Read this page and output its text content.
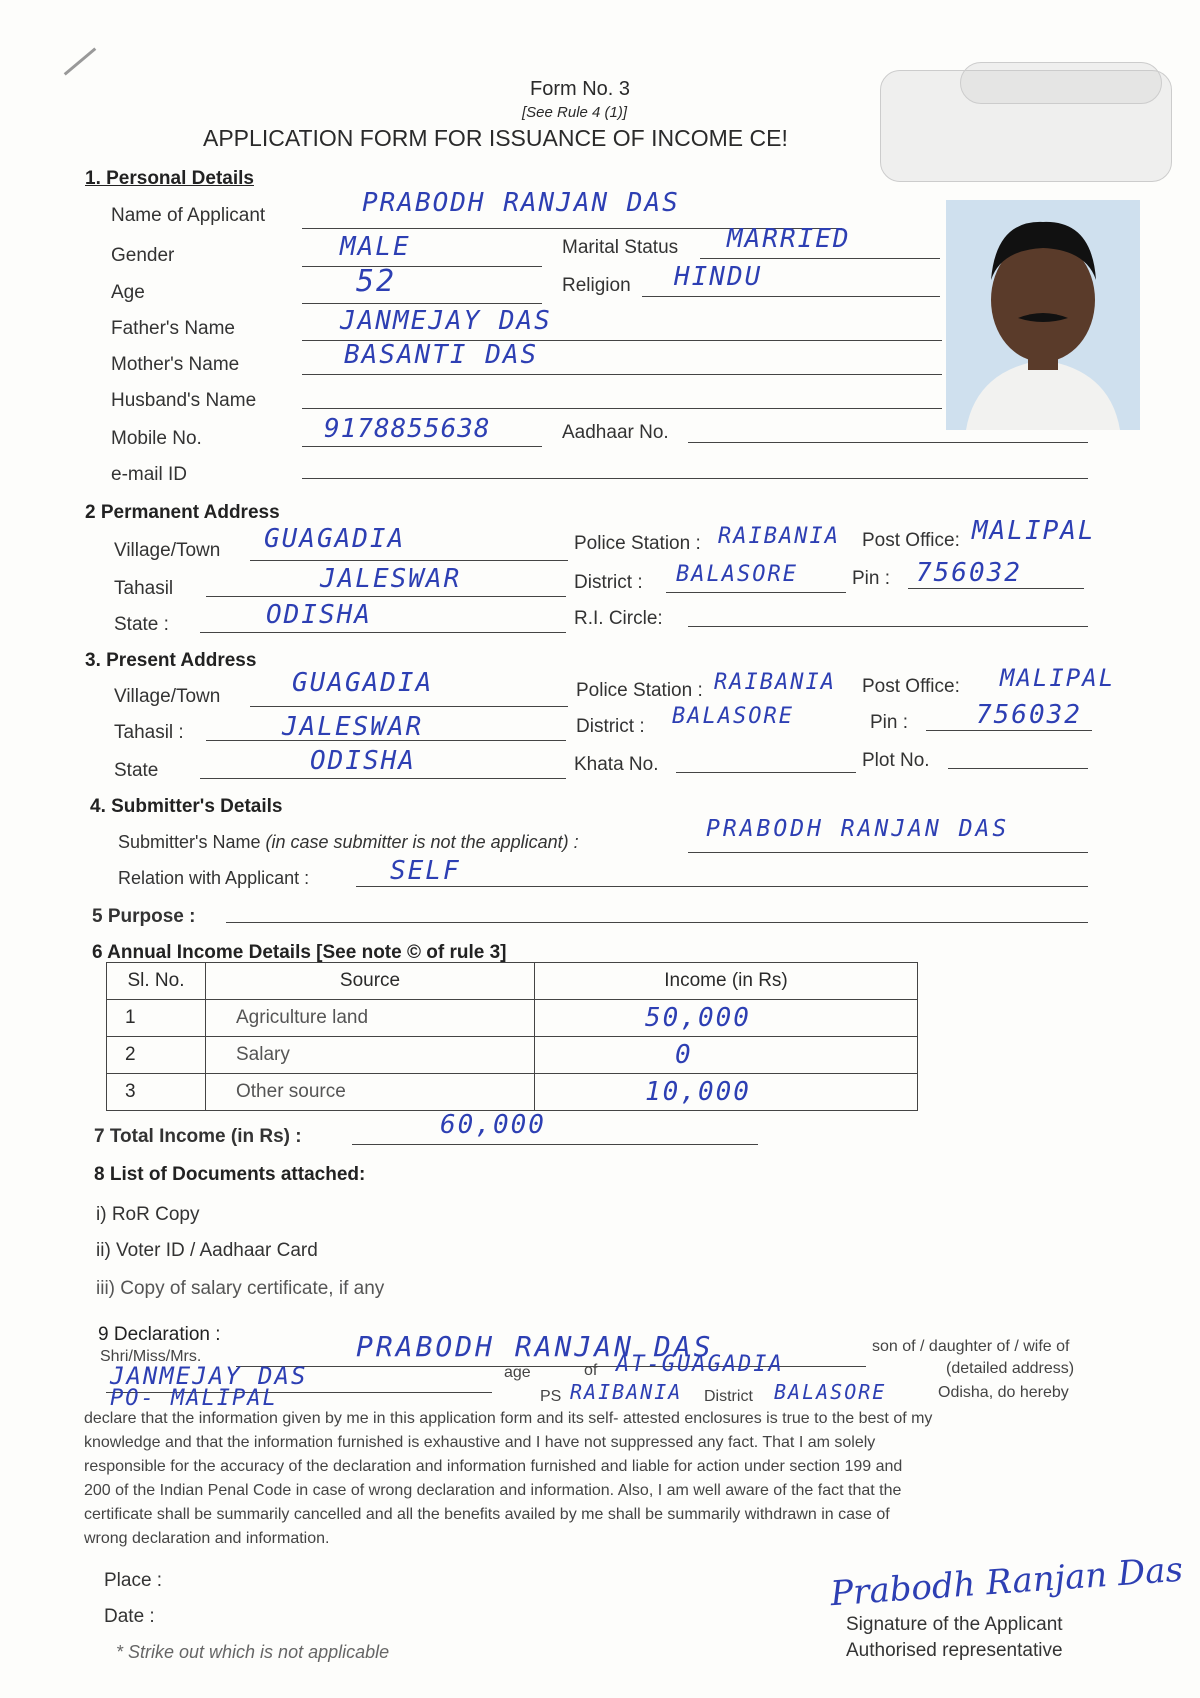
Form No. 3
[See Rule 4 (1)]
APPLICATION FORM FOR ISSUANCE OF INCOME CE!
1. Personal Details
Name of Applicant	PRABODH RANJAN DAS
Gender	MALE	Marital Status MARRIED
Age	52	Religion HINDU
Father's Name	JANMEJAY DAS
Mother's Name	BASANTI DAS
Husband's Name
Mobile No.	9178855638	Aadhaar No.
e-mail ID
2 Permanent Address
Village/Town GUAGADIA	Police Station : RAIBANIA Post Office: MALIPAL
Tahasil	JALESWAR	District : BALASORE	Pin : 756032
State :	ODISHA	R.I. Circle:
3. Present Address
Village/Town	GUAGADIA	Police Station : RAIBANIA Post Office: MALIPAL
Tahasil :	JALESWAR	District : BALASORE	Pin :	756032
State	ODISHA	Khata No.	Plot No.
4. Submitter's Details
Submitter's Name (in case submitter is not the applicant) :	PRABODH RANJAN DAS
Relation with Applicant :	SELF
5 Purpose :
6 Annual Income Details [See note © of rule 3]
Sl. No.	Source	Income (in Rs)
1	Agriculture land	50,000
2	Salary	0
3	Other source	10,000
7 Total Income (in Rs) :	60,000
8 List of Documents attached:
i) RoR Copy
ii) Voter ID / Aadhaar Card
iii) Copy of salary certificate, if any
9 Declaration :
Shri/Miss/Mrs.	PRABODH RANJAN DAS	son of / daughter of / wife of
JANMEJAY DAS	age	of AT-GUAGADIA	(detailed address)
PO- MALIPAL	PS RAIBANIA District BALASORE	Odisha, do hereby
declare that the information given by me in this application form and its self- attested enclosures is true to the best of my
knowledge and that the information furnished is exhaustive and I have not suppressed any fact. That I am solely
responsible for the accuracy of the declaration and information furnished and liable for action under section 199 and
200 of the Indian Penal Code in case of wrong declaration and information. Also, I am well aware of the fact that the
certificate shall be summarily cancelled and all the benefits availed by me shall be summarily withdrawn in case of
wrong declaration and information.
Place :
Date :
* Strike out which is not applicable
Prabodh Ranjan Das
Signature of the Applicant
Authorised representative
